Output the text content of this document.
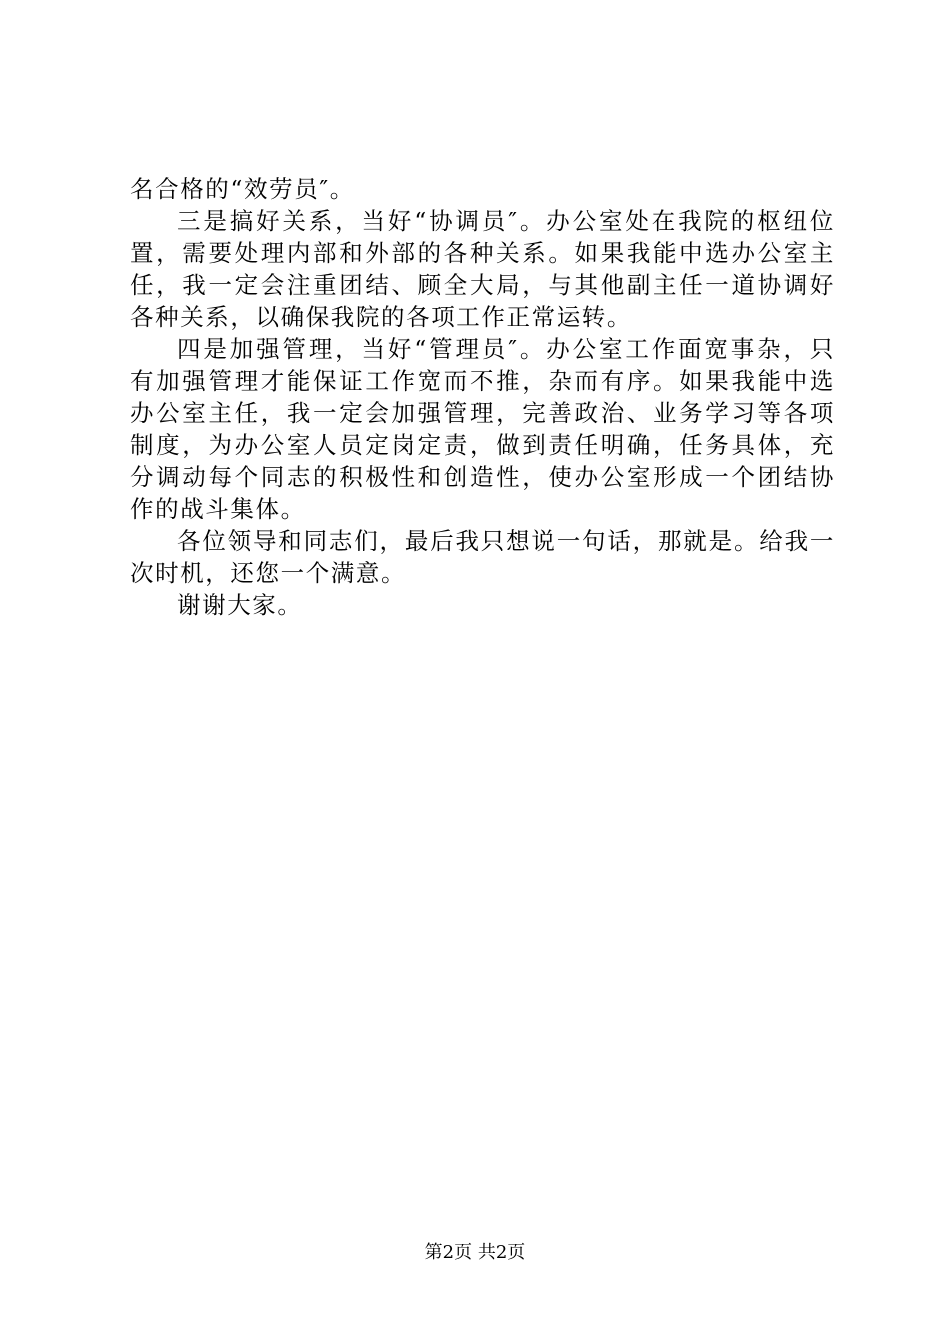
名合格的“效劳员″。
三是搞好关系，当好“协调员″。办公室处在我院的枢纽位
置，需要处理内部和外部的各种关系。如果我能中选办公室主
任，我一定会注重团结、顾全大局，与其他副主任一道协调好
各种关系，以确保我院的各项工作正常运转。
四是加强管理，当好“管理员″。办公室工作面宽事杂，只
有加强管理才能保证工作宽而不推，杂而有序。如果我能中选
办公室主任，我一定会加强管理，完善政治、业务学习等各项
制度，为办公室人员定岗定责，做到责任明确，任务具体，充
分调动每个同志的积极性和创造性，使办公室形成一个团结协
作的战斗集体。
各位领导和同志们，最后我只想说一句话，那就是。给我一
次时机，还您一个满意。
谢谢大家。
第2页 共2页
